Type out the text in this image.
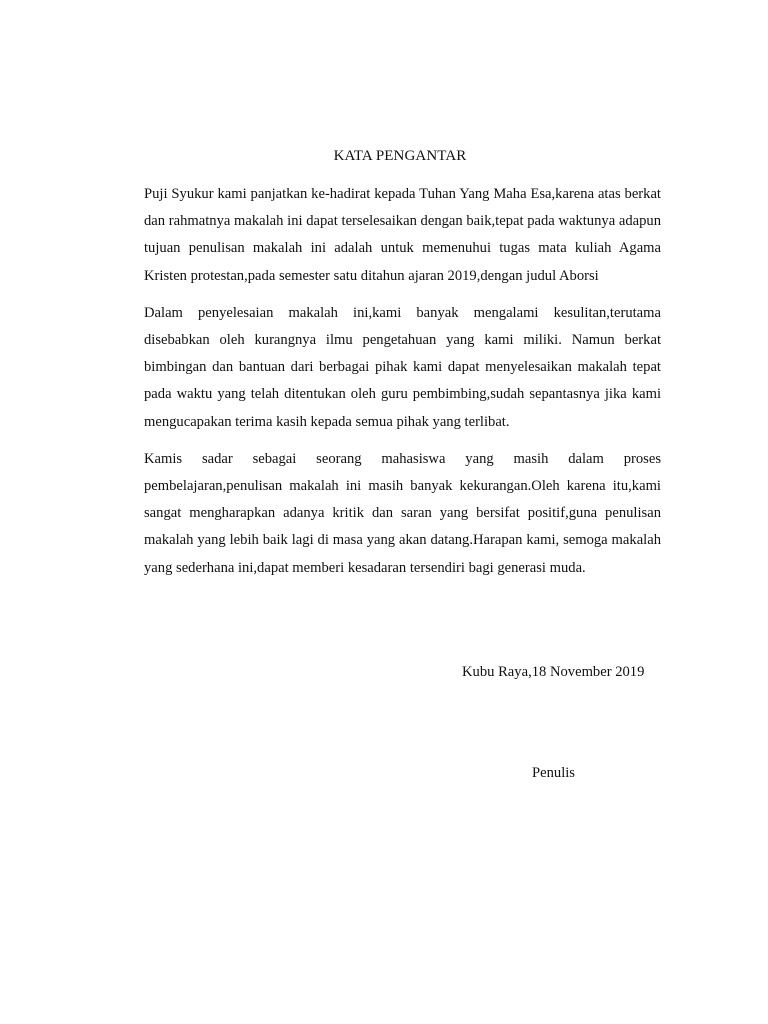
KATA PENGANTAR

Puji Syukur kami panjatkan ke-hadirat kepada Tuhan Yang Maha Esa,karena atas berkat dan rahmatnya makalah ini dapat terselesaikan dengan baik,tepat pada waktunya adapun tujuan penulisan makalah ini adalah untuk memenuhui tugas mata kuliah Agama Kristen protestan,pada semester satu ditahun ajaran 2019,dengan judul Aborsi

Dalam penyelesaian makalah ini,kami banyak mengalami kesulitan,terutama disebabkan oleh kurangnya ilmu pengetahuan yang kami miliki. Namun berkat bimbingan dan bantuan dari berbagai pihak kami dapat menyelesaikan makalah tepat pada waktu yang telah ditentukan oleh guru pembimbing,sudah sepantasnya jika kami mengucapakan terima kasih kepada semua pihak yang terlibat.

Kamis sadar sebagai seorang mahasiswa yang masih dalam proses pembelajaran,penulisan makalah ini masih banyak kekurangan.Oleh karena itu,kami sangat mengharapkan adanya kritik dan saran yang bersifat positif,guna penulisan makalah yang lebih baik lagi di masa yang akan datang.Harapan kami, semoga makalah yang sederhana ini,dapat memberi kesadaran tersendiri bagi generasi muda.

Kubu Raya,18 November 2019
Penulis
